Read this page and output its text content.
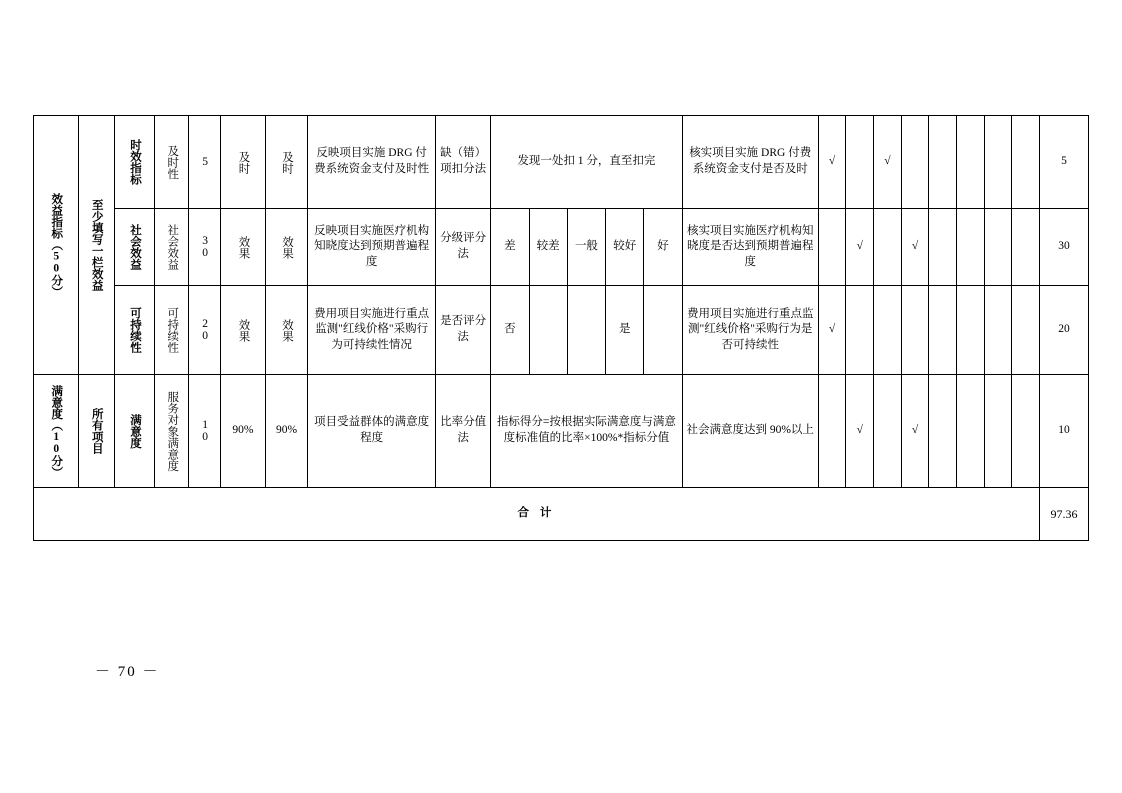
效益指标（50分）	至少填写一栏效益	时效指标	及时性	5	及时	及时	反映项目实施 DRG 付费系统资金支付及时性	缺（错）项扣分法	发现一处扣 1 分，直至扣完					核实项目实施 DRG 付费系统资金支付是否及时	√		√						5

		社会效益	社会效益	30	效果	效果	反映项目实施医疗机构知晓度达到预期普遍程度	分级评分法	差	较差	一般	较好	好	核实项目实施医疗机构知晓度是否达到预期普遍程度		√		√					30

		可持续性	可持续性	20	效果	效果	费用项目实施进行重点监测"红线价格"采购行为可持续性情况	是否评分法	否			是		费用项目实施进行重点监测"红线价格"采购行为是否可持续性	√								20

满意度（10分）	所有项目	满意度	服务对象满意度	10	90%	90%	项目受益群体的满意度程度	比率分值法	指标得分=按根据实际满意度与满意度标准值的比率×100%*指标分值					社会满意度达到 90%以上		√		√					10
合 计																							97.36
－ 70 －
